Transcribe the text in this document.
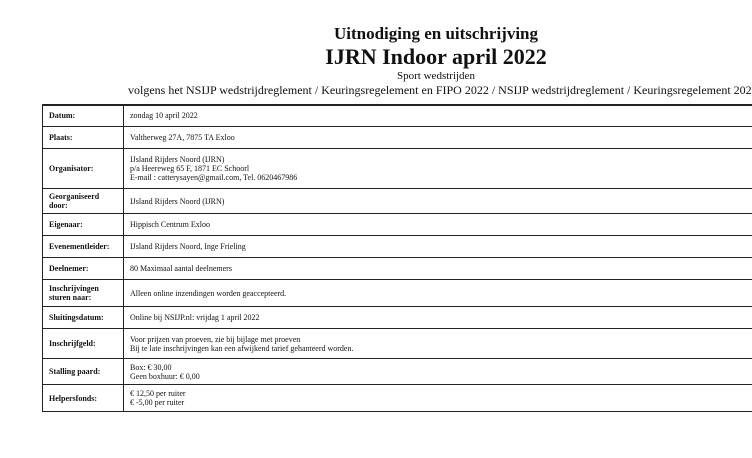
Uitnodiging en uitschrijving
IJRN Indoor april 2022
Sport wedstrijden
volgens het NSIJP wedstrijdreglement / Keuringsregelement en FIPO 2022 / NSIJP wedstrijdreglement / Keuringsregelement 202
Datum:	zondag 10 april 2022

Plaats:	Valtherweg 27A, 7875 TA Exloo

Organisator:	IJsland Rijders Noord (IJRN)
p/a Heereweg 65 F, 1871 EC Schoorl
E-mail : catterysayen@gmail.com, Tel. 0620467986

Georganiseerd door:	IJsland Rijders Noord (IJRN)

Eigenaar:	Hippisch Centrum Exloo

Evenementleider:	IJsland Rijders Noord, Inge Frieling

Deelnemer:	80 Maximaal aantal deelnemers

Inschrijvingen sturen naar:	Alleen online inzendingen worden geaccepteerd.

Sluitingsdatum:	Online bij NSIJP.nl: vrijdag 1 april 2022

Inschrijfgeld:	Voor prijzen van proeven, zie bij bijlage met proeven
Bij te late inschrijvingen kan een afwijkend tarief gehanteerd worden.

Stalling paard:	Box: € 30,00
Geen boxhuur: € 0,00

Helpersfonds:	€ 12,50 per ruiter
€ -5,00 per ruiter
